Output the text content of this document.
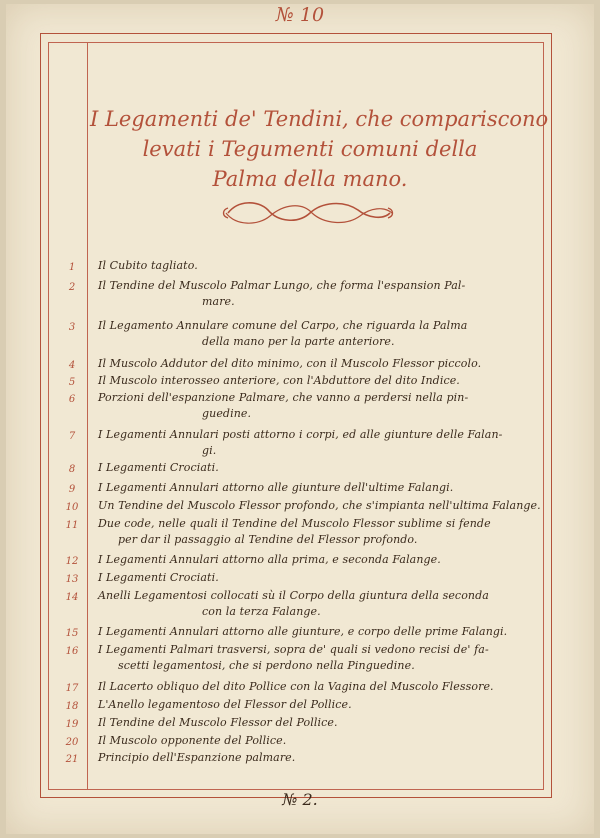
№ 10
I Legamenti de' Tendini, che compariscono
levati i Tegumenti comuni della
Palma della mano.
1	Il Cubito tagliato.
2	Il Tendine del Muscolo Palmar Lungo, che forma l'espansion Pal-
mare.
3	Il Legamento Annulare comune del Carpo, che riguarda la Palma
della mano per la parte anteriore.
4	Il Muscolo Addutor del dito minimo, con il Muscolo Flessor piccolo.
5	Il Muscolo interosseo anteriore, con l'Abduttore del dito Indice.
6	Porzioni dell'espanzione Palmare, che vanno a perdersi nella pin-
guedine.
7	I Legamenti Annulari posti attorno i corpi, ed alle giunture delle Falan-
gi.
8	I Legamenti Crociati.
9	I Legamenti Annulari attorno alle giunture dell'ultime Falangi.
10	Un Tendine del Muscolo Flessor profondo, che s'impianta nell'ultima Falange.
11	Due code, nelle quali il Tendine del Muscolo Flessor sublime si fende
per dar il passaggio al Tendine del Flessor profondo.
12	I Legamenti Annulari attorno alla prima, e seconda Falange.
13	I Legamenti Crociati.
14	Anelli Legamentosi collocati sù il Corpo della giuntura della seconda
con la terza Falange.
15	I Legamenti Annulari attorno alle giunture, e corpo delle prime Falangi.
16	I Legamenti Palmari trasversi, sopra de' quali si vedono recisi de' fa-
scetti legamentosi, che si perdono nella Pinguedine.
17	Il Lacerto obliquo del dito Pollice con la Vagina del Muscolo Flessore.
18	L'Anello legamentoso del Flessor del Pollice.
19	Il Tendine del Muscolo Flessor del Pollice.
20	Il Muscolo opponente del Pollice.
21	Principio dell'Espanzione palmare.
№ 2.
